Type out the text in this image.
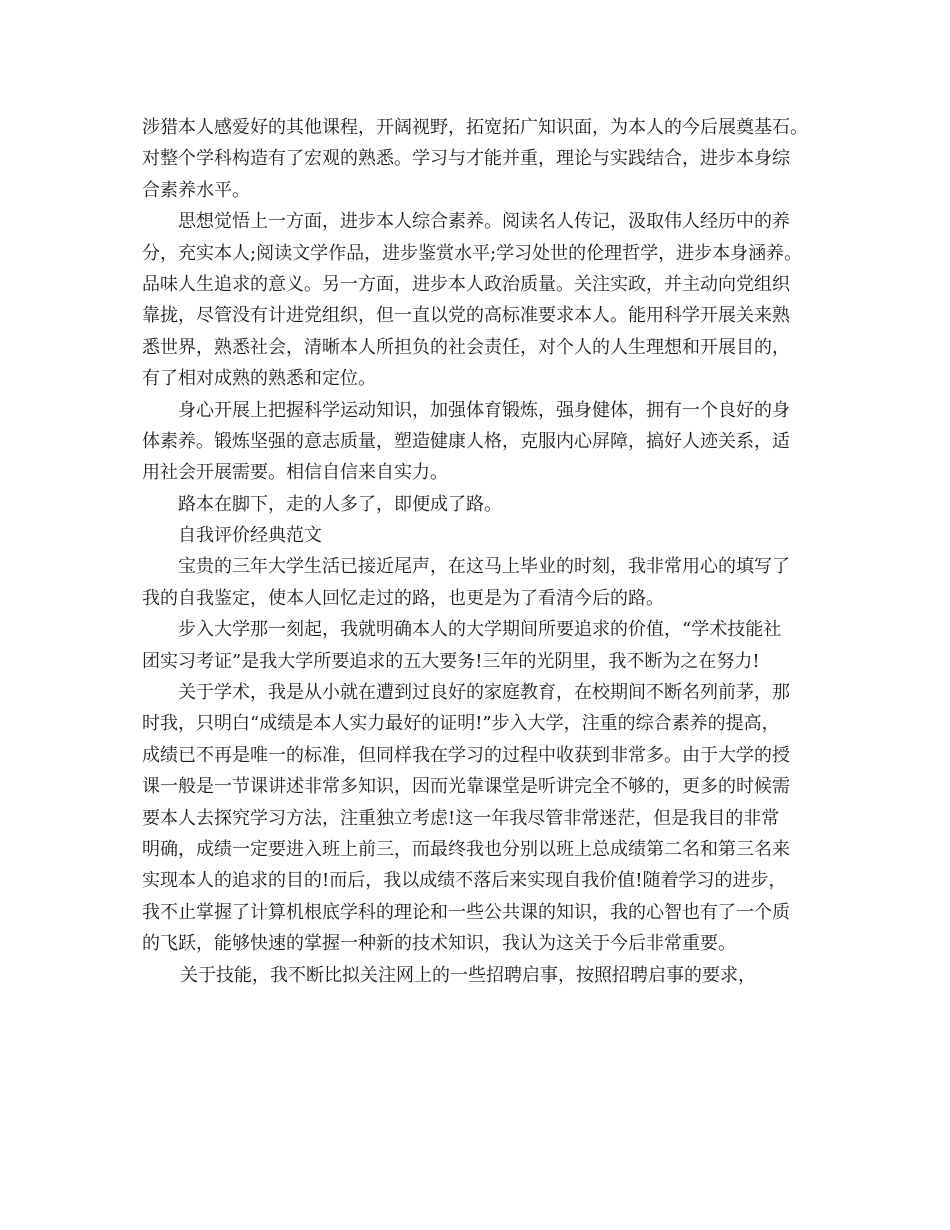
涉猎本人感爱好的其他课程，开阔视野，拓宽拓广知识面，为本人的今后展奠基石。
对整个学科构造有了宏观的熟悉。学习与才能并重，理论与实践结合，进步本身综
合素养水平。
思想觉悟上一方面，进步本人综合素养。阅读名人传记，汲取伟人经历中的养
分，充实本人;阅读文学作品，进步鉴赏水平;学习处世的伦理哲学，进步本身涵养。
品味人生追求的意义。另一方面，进步本人政治质量。关注实政，并主动向党组织
靠拢，尽管没有计进党组织，但一直以党的高标准要求本人。能用科学开展关来熟
悉世界，熟悉社会，清晰本人所担负的社会责任，对个人的人生理想和开展目的，
有了相对成熟的熟悉和定位。
身心开展上把握科学运动知识，加强体育锻炼，强身健体，拥有一个良好的身
体素养。锻炼坚强的意志质量，塑造健康人格，克服内心屏障，搞好人迹关系，适
用社会开展需要。相信自信来自实力。
路本在脚下，走的人多了，即便成了路。
自我评价经典范文
宝贵的三年大学生活已接近尾声，在这马上毕业的时刻，我非常用心的填写了
我的自我鉴定，使本人回忆走过的路，也更是为了看清今后的路。
步入大学那一刻起，我就明确本人的大学期间所要追求的价值，“学术技能社
团实习考证”是我大学所要追求的五大要务!三年的光阴里，我不断为之在努力!
关于学术，我是从小就在遭到过良好的家庭教育，在校期间不断名列前茅，那
时我，只明白“成绩是本人实力最好的证明!”步入大学，注重的综合素养的提高，
成绩已不再是唯一的标准，但同样我在学习的过程中收获到非常多。由于大学的授
课一般是一节课讲述非常多知识，因而光靠课堂是听讲完全不够的，更多的时候需
要本人去探究学习方法，注重独立考虑!这一年我尽管非常迷茫，但是我目的非常
明确，成绩一定要进入班上前三，而最终我也分别以班上总成绩第二名和第三名来
实现本人的追求的目的!而后，我以成绩不落后来实现自我价值!随着学习的进步，
我不止掌握了计算机根底学科的理论和一些公共课的知识，我的心智也有了一个质
的飞跃，能够快速的掌握一种新的技术知识，我认为这关于今后非常重要。
关于技能，我不断比拟关注网上的一些招聘启事，按照招聘启事的要求，
